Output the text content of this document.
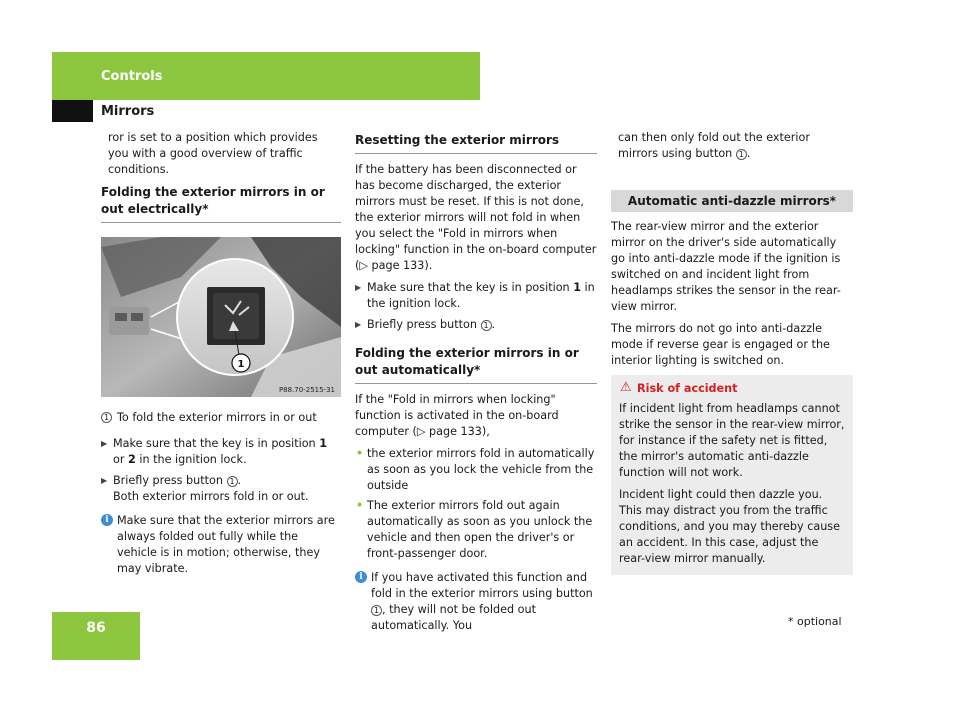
Controls
Mirrors
ror is set to a position which provides you with a good overview of traffic conditions.
Folding the exterior mirrors in or out electrically*
1
P88.70-2515-31
1 To fold the exterior mirrors in or out
▶ Make sure that the key is in position 1 or 2 in the ignition lock.
▶ Briefly press button 1 .
Both exterior mirrors fold in or out.
i Make sure that the exterior mirrors are always folded out fully while the vehicle is in motion; otherwise, they may vibrate.
Resetting the exterior mirrors
If the battery has been disconnected or has become discharged, the exterior mirrors must be reset. If this is not done, the exterior mirrors will not fold in when you select the "Fold in mirrors when locking" function in the on-board computer (▷ page 133).
▶ Make sure that the key is in position 1 in the ignition lock.
▶ Briefly press button 1 .
Folding the exterior mirrors in or out automatically*
If the "Fold in mirrors when locking" function is activated in the on-board computer (▷ page 133),
• the exterior mirrors fold in automatically as soon as you lock the vehicle from the outside
• The exterior mirrors fold out again automatically as soon as you unlock the vehicle and then open the driver's or front-passenger door.
i If you have activated this function and fold in the exterior mirrors using button 1 , they will not be folded out automatically. You
can then only fold out the exterior mirrors using button 1 .
Automatic anti-dazzle mirrors*
The rear-view mirror and the exterior mirror on the driver's side automatically go into anti-dazzle mode if the ignition is switched on and incident light from headlamps strikes the sensor in the rear-view mirror.
The mirrors do not go into anti-dazzle mode if reverse gear is engaged or the interior lighting is switched on.
⚠ Risk of accident
If incident light from headlamps cannot strike the sensor in the rear-view mirror, for instance if the safety net is fitted, the mirror's automatic anti-dazzle function will not work.
Incident light could then dazzle you. This may distract you from the traffic conditions, and you may thereby cause an accident. In this case, adjust the rear-view mirror manually.
86	* optional
